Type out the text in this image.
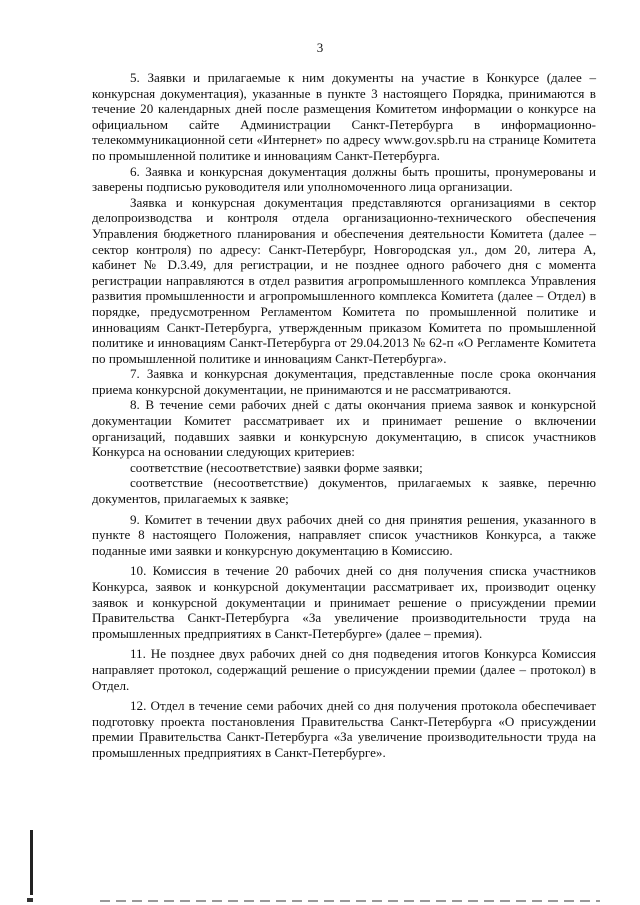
3

5. Заявки и прилагаемые к ним документы на участие в Конкурсе (далее – конкурсная документация), указанные в пункте 3 настоящего Порядка, принимаются в течение 20 календарных дней после размещения Комитетом информации о конкурсе на официальном сайте Администрации Санкт-Петербурга в информационно-телекоммуникационной сети «Интернет» по адресу www.gov.spb.ru на странице Комитета по промышленной политике и инновациям Санкт-Петербурга.

6. Заявка и конкурсная документация должны быть прошиты, пронумерованы и заверены подписью руководителя или уполномоченного лица организации.

Заявка и конкурсная документация представляются организациями в сектор делопроизводства и контроля отдела организационно-технического обеспечения Управления бюджетного планирования и обеспечения деятельности Комитета (далее – сектор контроля) по адресу: Санкт-Петербург, Новгородская ул., дом 20, литера А, кабинет № D.3.49, для регистрации, и не позднее одного рабочего дня с момента регистрации направляются в отдел развития агропромышленного комплекса Управления развития промышленности и агропромышленного комплекса Комитета (далее – Отдел) в порядке, предусмотренном Регламентом Комитета по промышленной политике и инновациям Санкт-Петербурга, утвержденным приказом Комитета по промышленной политике и инновациям Санкт-Петербурга от 29.04.2013 № 62-п «О Регламенте Комитета по промышленной политике и инновациям Санкт-Петербурга».

7. Заявка и конкурсная документация, представленные после срока окончания приема конкурсной документации, не принимаются и не рассматриваются.

8. В течение семи рабочих дней с даты окончания приема заявок и конкурсной документации Комитет рассматривает их и принимает решение о включении организаций, подавших заявки и конкурсную документацию, в список участников Конкурса на основании следующих критериев:

соответствие (несоответствие) заявки форме заявки;

соответствие (несоответствие) документов, прилагаемых к заявке, перечню документов, прилагаемых к заявке;

9. Комитет в течении двух рабочих дней со дня принятия решения, указанного в пункте 8 настоящего Положения, направляет список участников Конкурса, а также поданные ими заявки и конкурсную документацию в Комиссию.

10. Комиссия в течение 20 рабочих дней со дня получения списка участников Конкурса, заявок и конкурсной документации рассматривает их, производит оценку заявок и конкурсной документации и принимает решение о присуждении премии Правительства Санкт-Петербурга «За увеличение производительности труда на промышленных предприятиях в Санкт-Петербурге» (далее – премия).

11. Не позднее двух рабочих дней со дня подведения итогов Конкурса Комиссия направляет протокол, содержащий решение о присуждении премии (далее – протокол) в Отдел.

12. Отдел в течение семи рабочих дней со дня получения протокола обеспечивает подготовку проекта постановления Правительства Санкт-Петербурга «О присуждении премии Правительства Санкт-Петербурга «За увеличение производительности труда на промышленных предприятиях в Санкт-Петербурге».
